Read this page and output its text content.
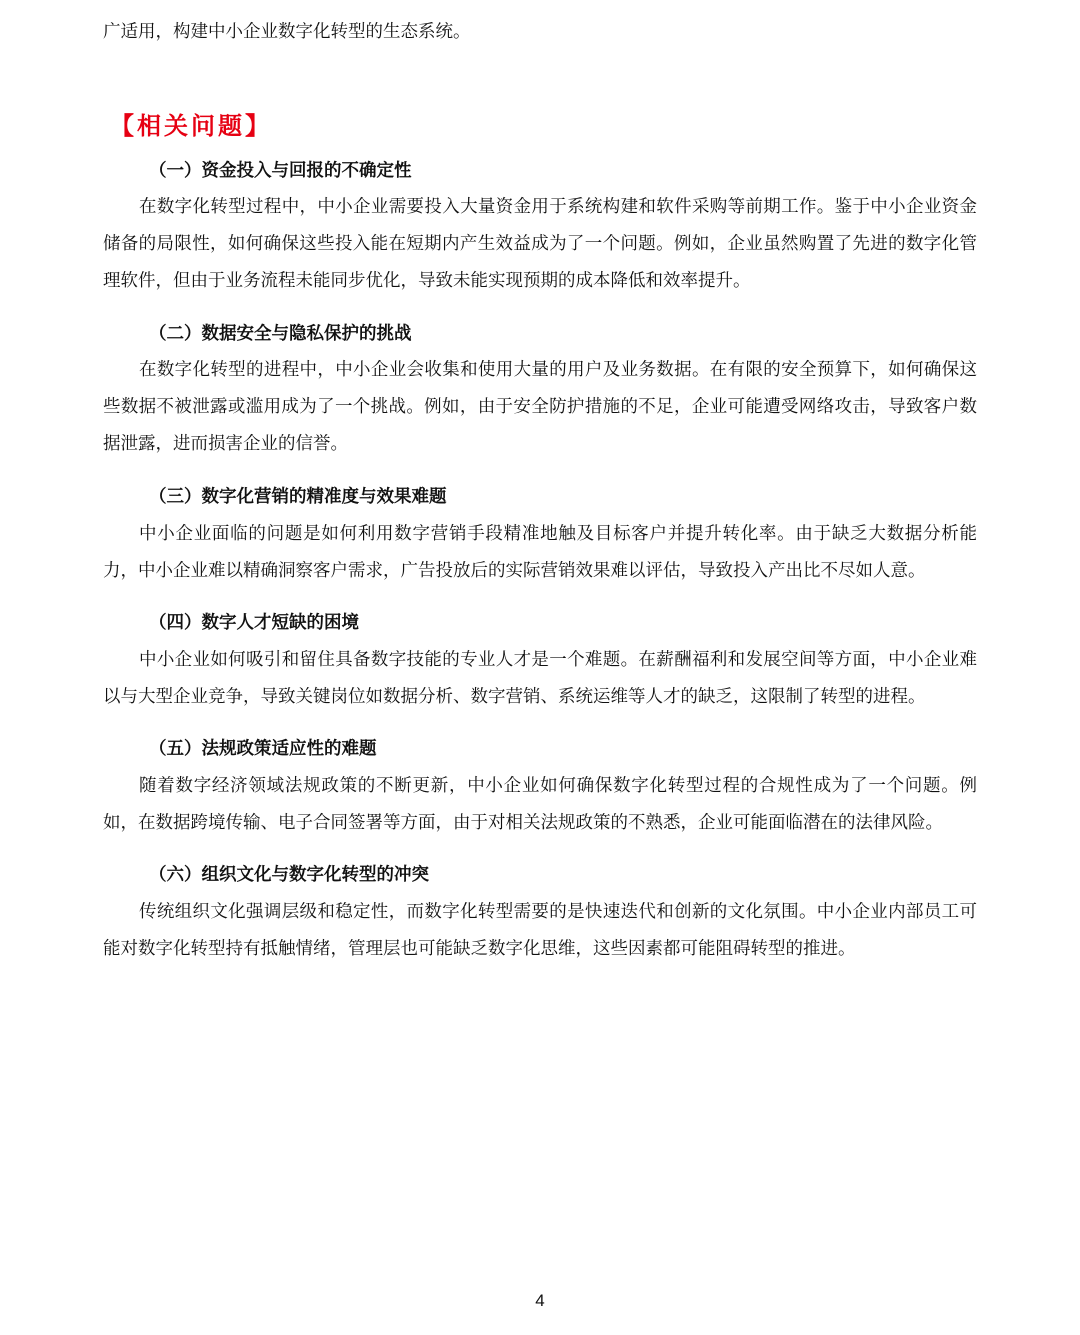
广适用，构建中小企业数字化转型的生态系统。
【相关问题】
（一）资金投入与回报的不确定性
在数字化转型过程中，中小企业需要投入大量资金用于系统构建和软件采购等前期工作。鉴于中小企业资金储备的局限性，如何确保这些投入能在短期内产生效益成为了一个问题。例如，企业虽然购置了先进的数字化管理软件，但由于业务流程未能同步优化，导致未能实现预期的成本降低和效率提升。
（二）数据安全与隐私保护的挑战
在数字化转型的进程中，中小企业会收集和使用大量的用户及业务数据。在有限的安全预算下，如何确保这些数据不被泄露或滥用成为了一个挑战。例如，由于安全防护措施的不足，企业可能遭受网络攻击，导致客户数据泄露，进而损害企业的信誉。
（三）数字化营销的精准度与效果难题
中小企业面临的问题是如何利用数字营销手段精准地触及目标客户并提升转化率。由于缺乏大数据分析能力，中小企业难以精确洞察客户需求，广告投放后的实际营销效果难以评估，导致投入产出比不尽如人意。
（四）数字人才短缺的困境
中小企业如何吸引和留住具备数字技能的专业人才是一个难题。在薪酬福利和发展空间等方面，中小企业难以与大型企业竞争，导致关键岗位如数据分析、数字营销、系统运维等人才的缺乏，这限制了转型的进程。
（五）法规政策适应性的难题
随着数字经济领域法规政策的不断更新，中小企业如何确保数字化转型过程的合规性成为了一个问题。例如，在数据跨境传输、电子合同签署等方面，由于对相关法规政策的不熟悉，企业可能面临潜在的法律风险。
（六）组织文化与数字化转型的冲突
传统组织文化强调层级和稳定性，而数字化转型需要的是快速迭代和创新的文化氛围。中小企业内部员工可能对数字化转型持有抵触情绪，管理层也可能缺乏数字化思维，这些因素都可能阻碍转型的推进。
4
